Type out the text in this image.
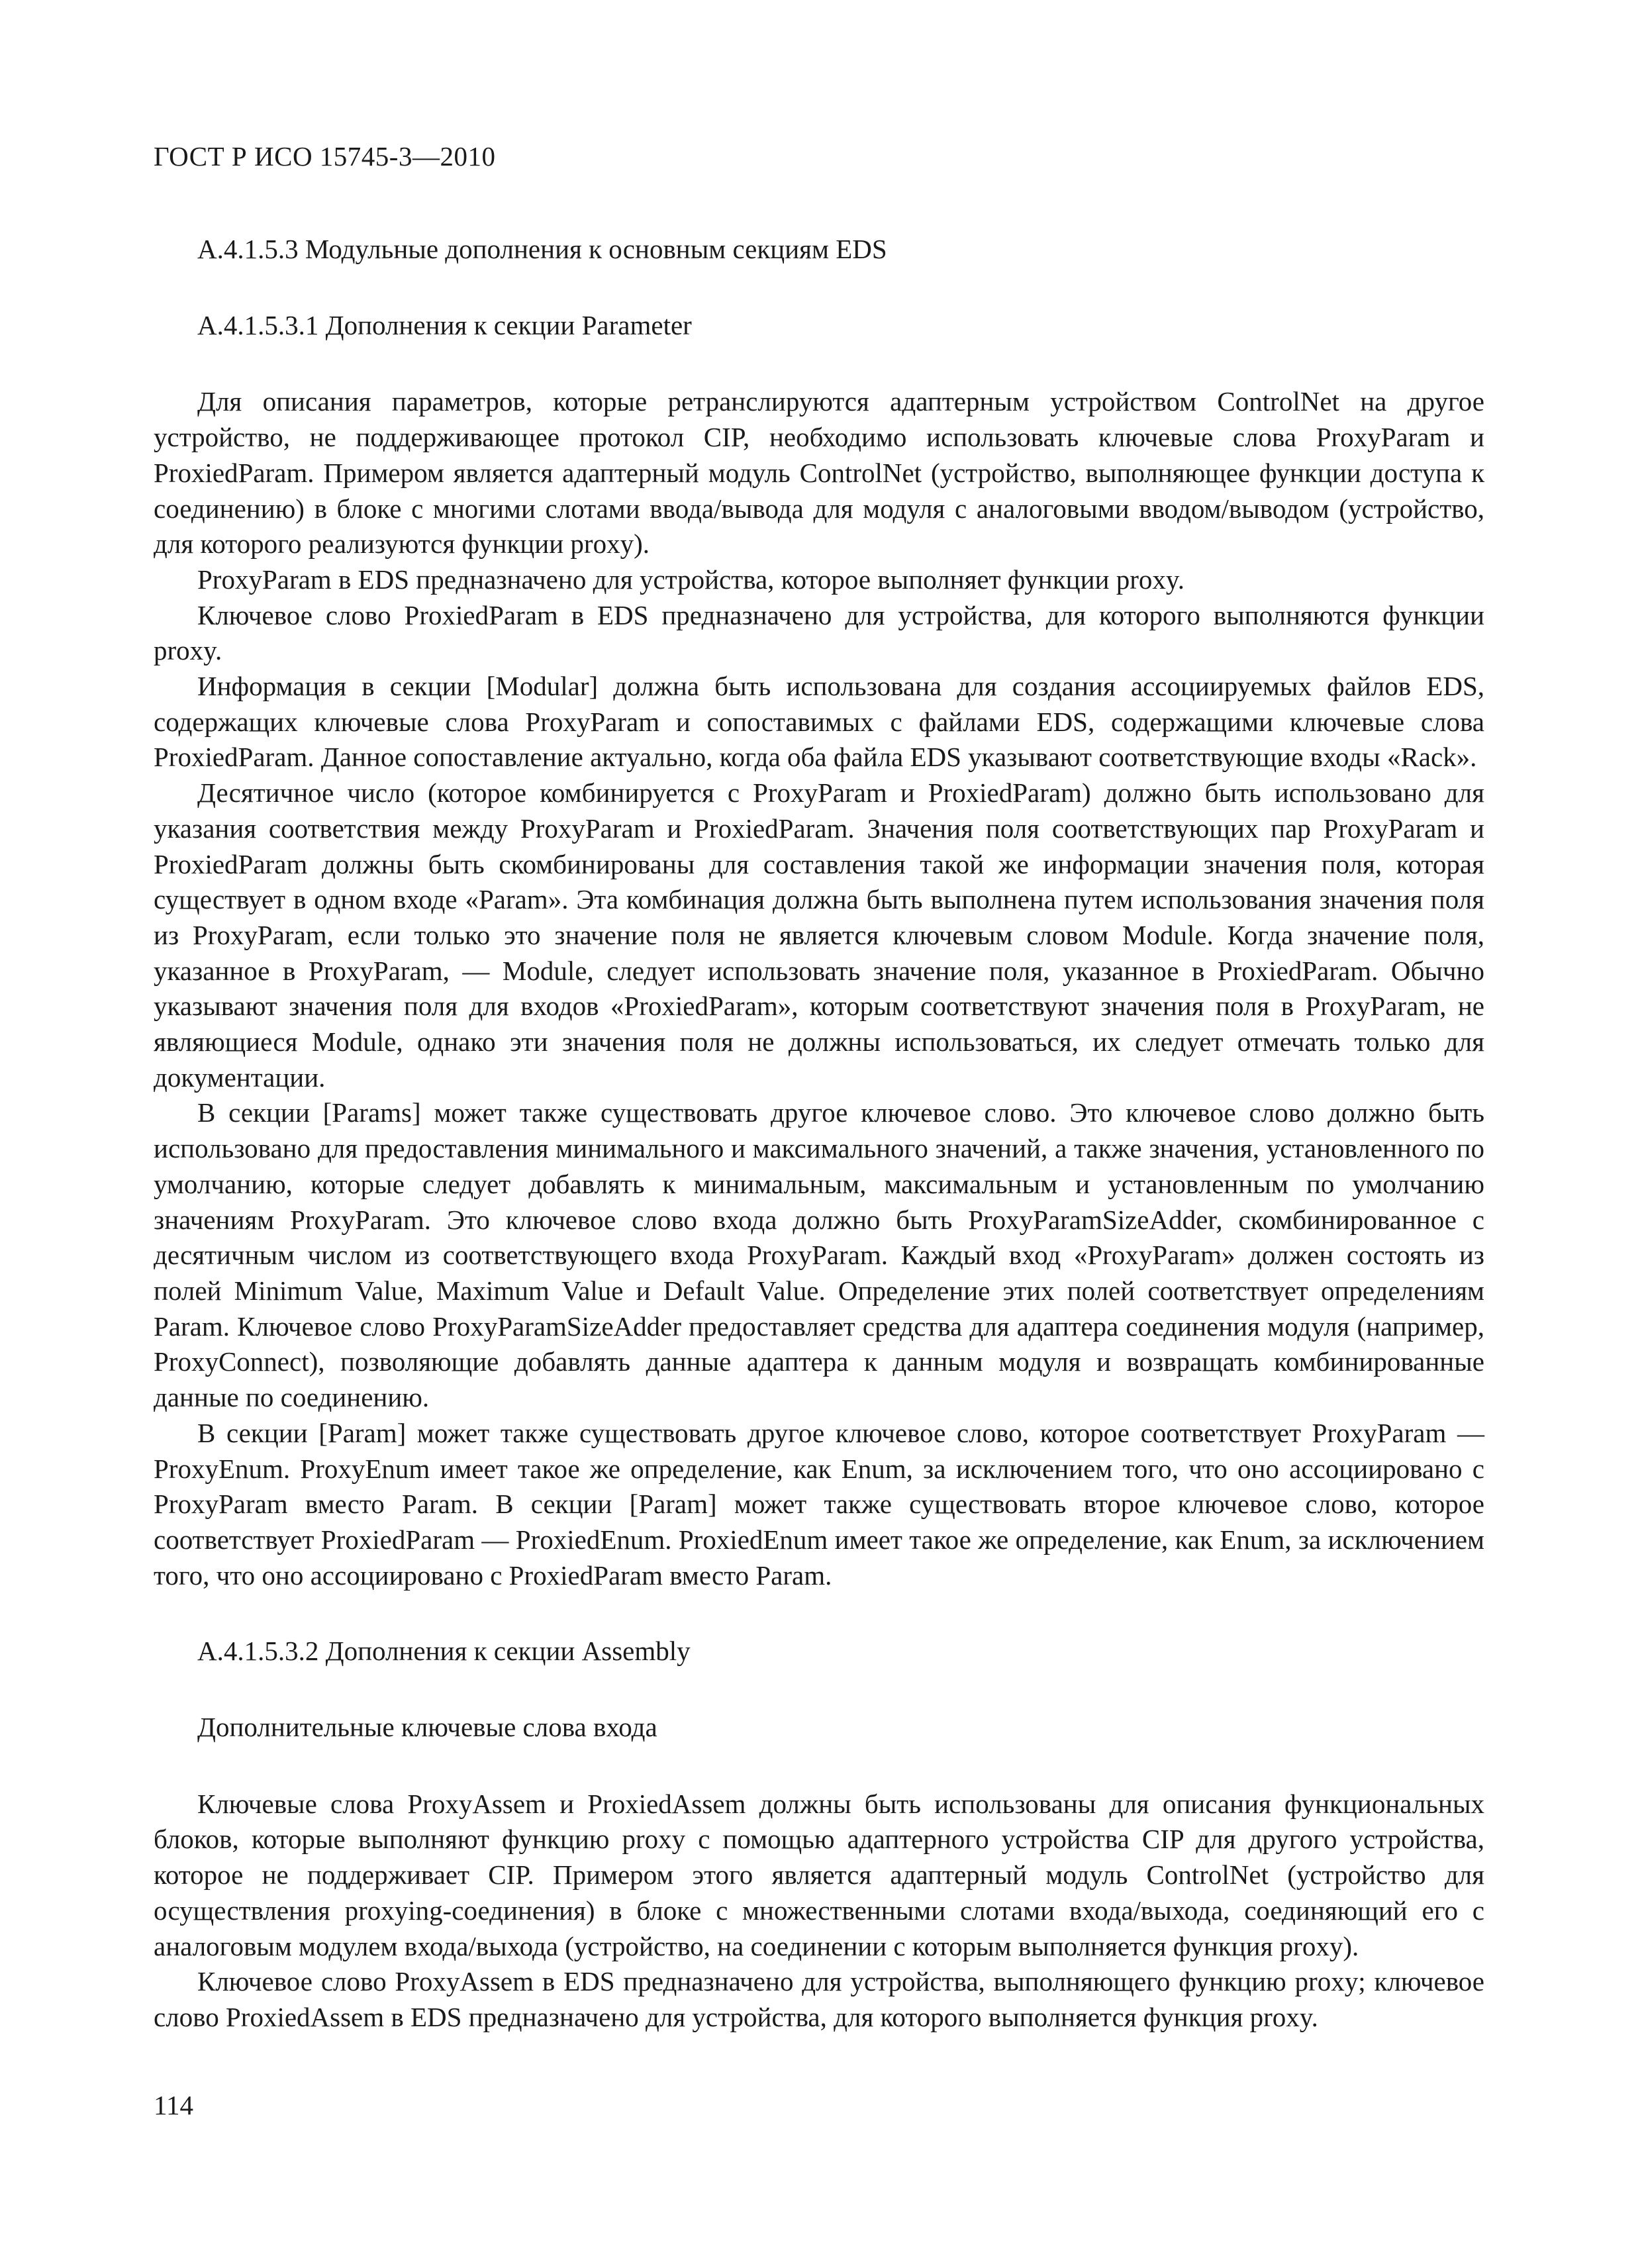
ГОСТ Р ИСО 15745-3—2010
А.4.1.5.3 Модульные дополнения к основным секциям EDS
А.4.1.5.3.1 Дополнения к секции Parameter

Для описания параметров, которые ретранслируются адаптерным устройством ControlNet на другое устройство, не поддерживающее протокол CIP, необходимо использовать ключевые слова ProxyParam и ProxiedParam. Примером является адаптерный модуль ControlNet (устройство, выполняющее функции доступа к соединению) в блоке с многими слотами ввода/вывода для модуля с аналоговыми вводом/выводом (устройство, для которого реализуются функции proxy).

ProxyParam в EDS предназначено для устройства, которое выполняет функции proxy.

Ключевое слово ProxiedParam в EDS предназначено для устройства, для которого выполняются функции proxy.

Информация в секции [Modular] должна быть использована для создания ассоциируемых файлов EDS, содержащих ключевые слова ProxyParam и сопоставимых с файлами EDS, содержащими ключевые слова ProxiedParam. Данное сопоставление актуально, когда оба файла EDS указывают соответствующие входы «Rack».

Десятичное число (которое комбинируется с ProxyParam и ProxiedParam) должно быть использовано для указания соответствия между ProxyParam и ProxiedParam. Значения поля соответствующих пар ProxyParam и ProxiedParam должны быть скомбинированы для составления такой же информации значения поля, которая существует в одном входе «Param». Эта комбинация должна быть выполнена путем использования значения поля из ProxyParam, если только это значение поля не является ключевым словом Module. Когда значение поля, указанное в ProxyParam, — Module, следует использовать значение поля, указанное в ProxiedParam. Обычно указывают значения поля для входов «ProxiedParam», которым соответствуют значения поля в ProxyParam, не являющиеся Module, однако эти значения поля не должны использоваться, их следует отмечать только для документации.

В секции [Params] может также существовать другое ключевое слово. Это ключевое слово должно быть использовано для предоставления минимального и максимального значений, а также значения, установленного по умолчанию, которые следует добавлять к минимальным, максимальным и установленным по умолчанию значениям ProxyParam. Это ключевое слово входа должно быть ProxyParamSizeAdder, скомбинированное с десятичным числом из соответствующего входа ProxyParam. Каждый вход «ProxyParam» должен состоять из полей Minimum Value, Maximum Value и Default Value. Определение этих полей соответствует определениям Param. Ключевое слово ProxyParamSizeAdder предоставляет средства для адаптера соединения модуля (например, ProxyConnect), позволяющие добавлять данные адаптера к данным модуля и возвращать комбинированные данные по соединению.

В секции [Param] может также существовать другое ключевое слово, которое соответствует ProxyParam — ProxyEnum. ProxyEnum имеет такое же определение, как Enum, за исключением того, что оно ассоциировано с ProxyParam вместо Param. В секции [Param] может также существовать второе ключевое слово, которое соответствует ProxiedParam — ProxiedEnum. ProxiedEnum имеет такое же определение, как Enum, за исключением того, что оно ассоциировано с ProxiedParam вместо Param.

А.4.1.5.3.2 Дополнения к секции Assembly
Дополнительные ключевые слова входа

Ключевые слова ProxyAssem и ProxiedAssem должны быть использованы для описания функциональных блоков, которые выполняют функцию proxy с помощью адаптерного устройства CIP для другого устройства, которое не поддерживает CIP. Примером этого является адаптерный модуль ControlNet (устройство для осуществления proxying-соединения) в блоке с множественными слотами входа/выхода, соединяющий его с аналоговым модулем входа/выхода (устройство, на соединении с которым выполняется функция proxy).

Ключевое слово ProxyAssem в EDS предназначено для устройства, выполняющего функцию proxy; ключевое слово ProxiedAssem в EDS предназначено для устройства, для которого выполняется функция proxy.

114
